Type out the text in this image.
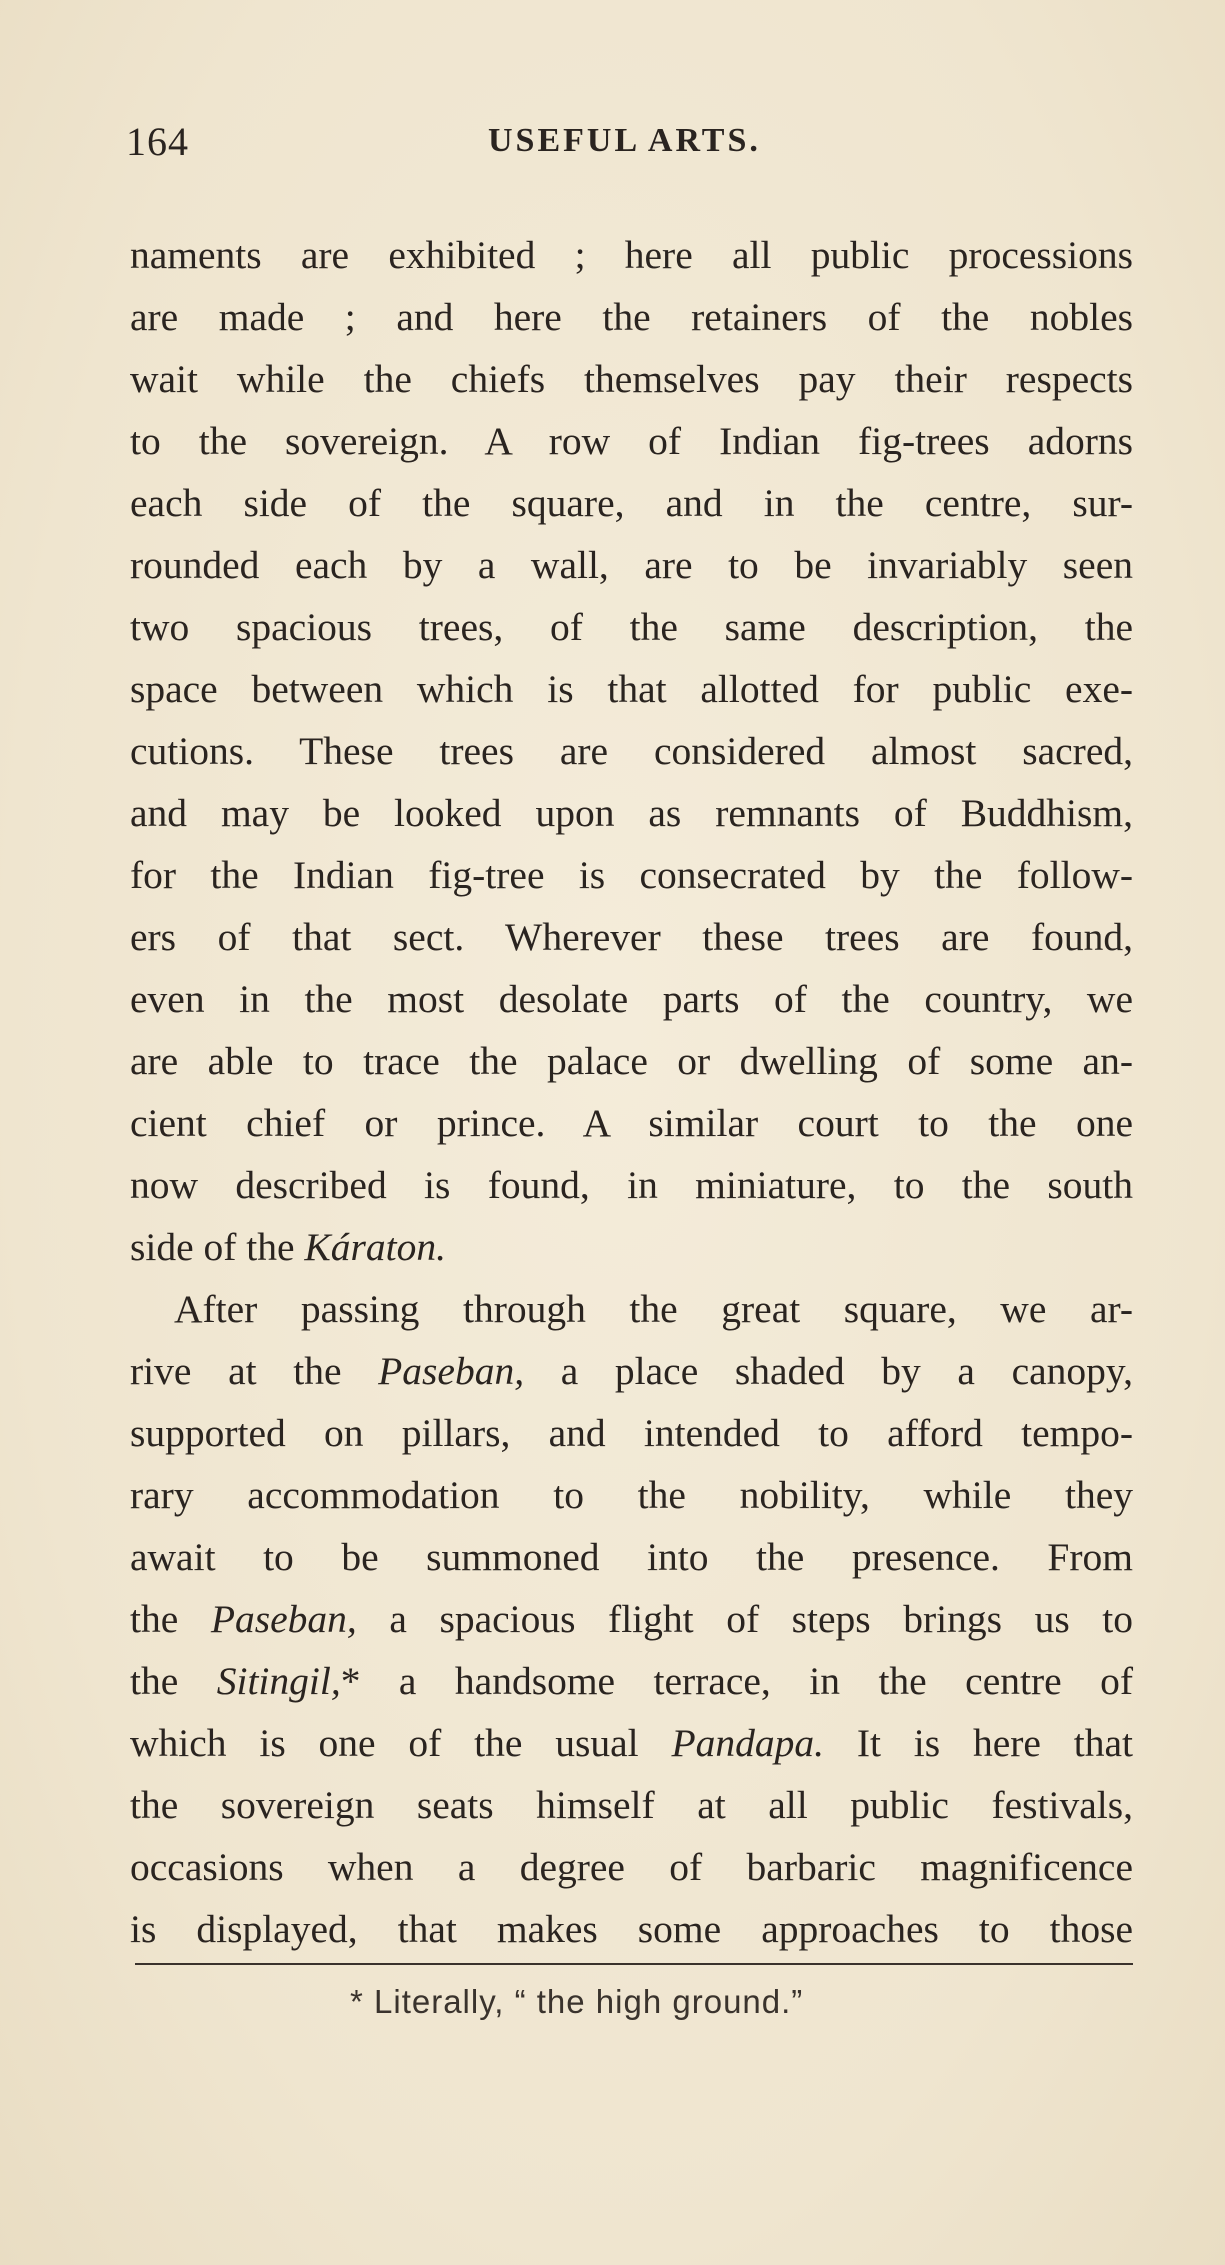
164	USEFUL ARTS.
naments are exhibited ; here all public processions
are made ; and here the retainers of the nobles
wait while the chiefs themselves pay their respects
to the sovereign. A row of Indian fig-trees adorns
each side of the square, and in the centre, sur-
rounded each by a wall, are to be invariably seen
two spacious trees, of the same description, the
space between which is that allotted for public exe-
cutions. These trees are considered almost sacred,
and may be looked upon as remnants of Buddhism,
for the Indian fig-tree is consecrated by the follow-
ers of that sect. Wherever these trees are found,
even in the most desolate parts of the country, we
are able to trace the palace or dwelling of some an-
cient chief or prince. A similar court to the one
now described is found, in miniature, to the south
side of the Káraton.
After passing through the great square, we ar-
rive at the Paseban, a place shaded by a canopy,
supported on pillars, and intended to afford tempo-
rary accommodation to the nobility, while they
await to be summoned into the presence. From
the Paseban, a spacious flight of steps brings us to
the Sitingil,* a handsome terrace, in the centre of
which is one of the usual Pandapa. It is here that
the sovereign seats himself at all public festivals,
occasions when a degree of barbaric magnificence
is displayed, that makes some approaches to those
* Literally, “ the high ground.”
